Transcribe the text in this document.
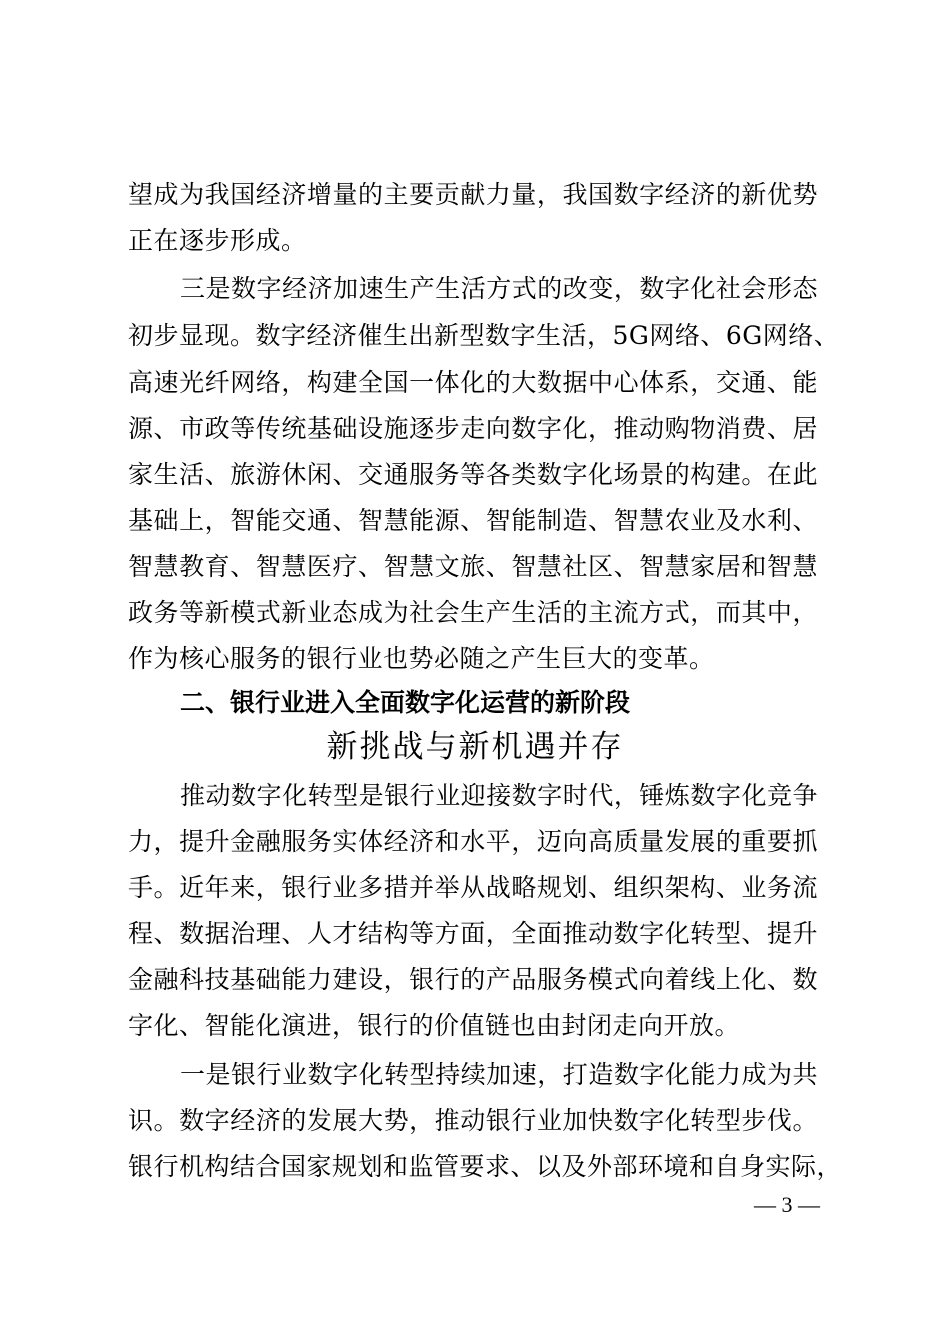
望成为我国经济增量的主要贡献力量，我国数字经济的新优势
正在逐步形成。
三是数字经济加速生产生活方式的改变，数字化社会形态
初步显现。数字经济催生出新型数字生活，5G网络、6G网络、
高速光纤网络，构建全国一体化的大数据中心体系，交通、能
源、市政等传统基础设施逐步走向数字化，推动购物消费、居
家生活、旅游休闲、交通服务等各类数字化场景的构建。在此
基础上，智能交通、智慧能源、智能制造、智慧农业及水利、
智慧教育、智慧医疗、智慧文旅、智慧社区、智慧家居和智慧
政务等新模式新业态成为社会生产生活的主流方式，而其中，
作为核心服务的银行业也势必随之产生巨大的变革。
二、银行业进入全面数字化运营的新阶段
新挑战与新机遇并存
推动数字化转型是银行业迎接数字时代，锤炼数字化竞争
力，提升金融服务实体经济和水平，迈向高质量发展的重要抓
手。近年来，银行业多措并举从战略规划、组织架构、业务流
程、数据治理、人才结构等方面，全面推动数字化转型、提升
金融科技基础能力建设，银行的产品服务模式向着线上化、数
字化、智能化演进，银行的价值链也由封闭走向开放。
一是银行业数字化转型持续加速，打造数字化能力成为共
识。数字经济的发展大势，推动银行业加快数字化转型步伐。
银行机构结合国家规划和监管要求、以及外部环境和自身实际，
— 3 —
